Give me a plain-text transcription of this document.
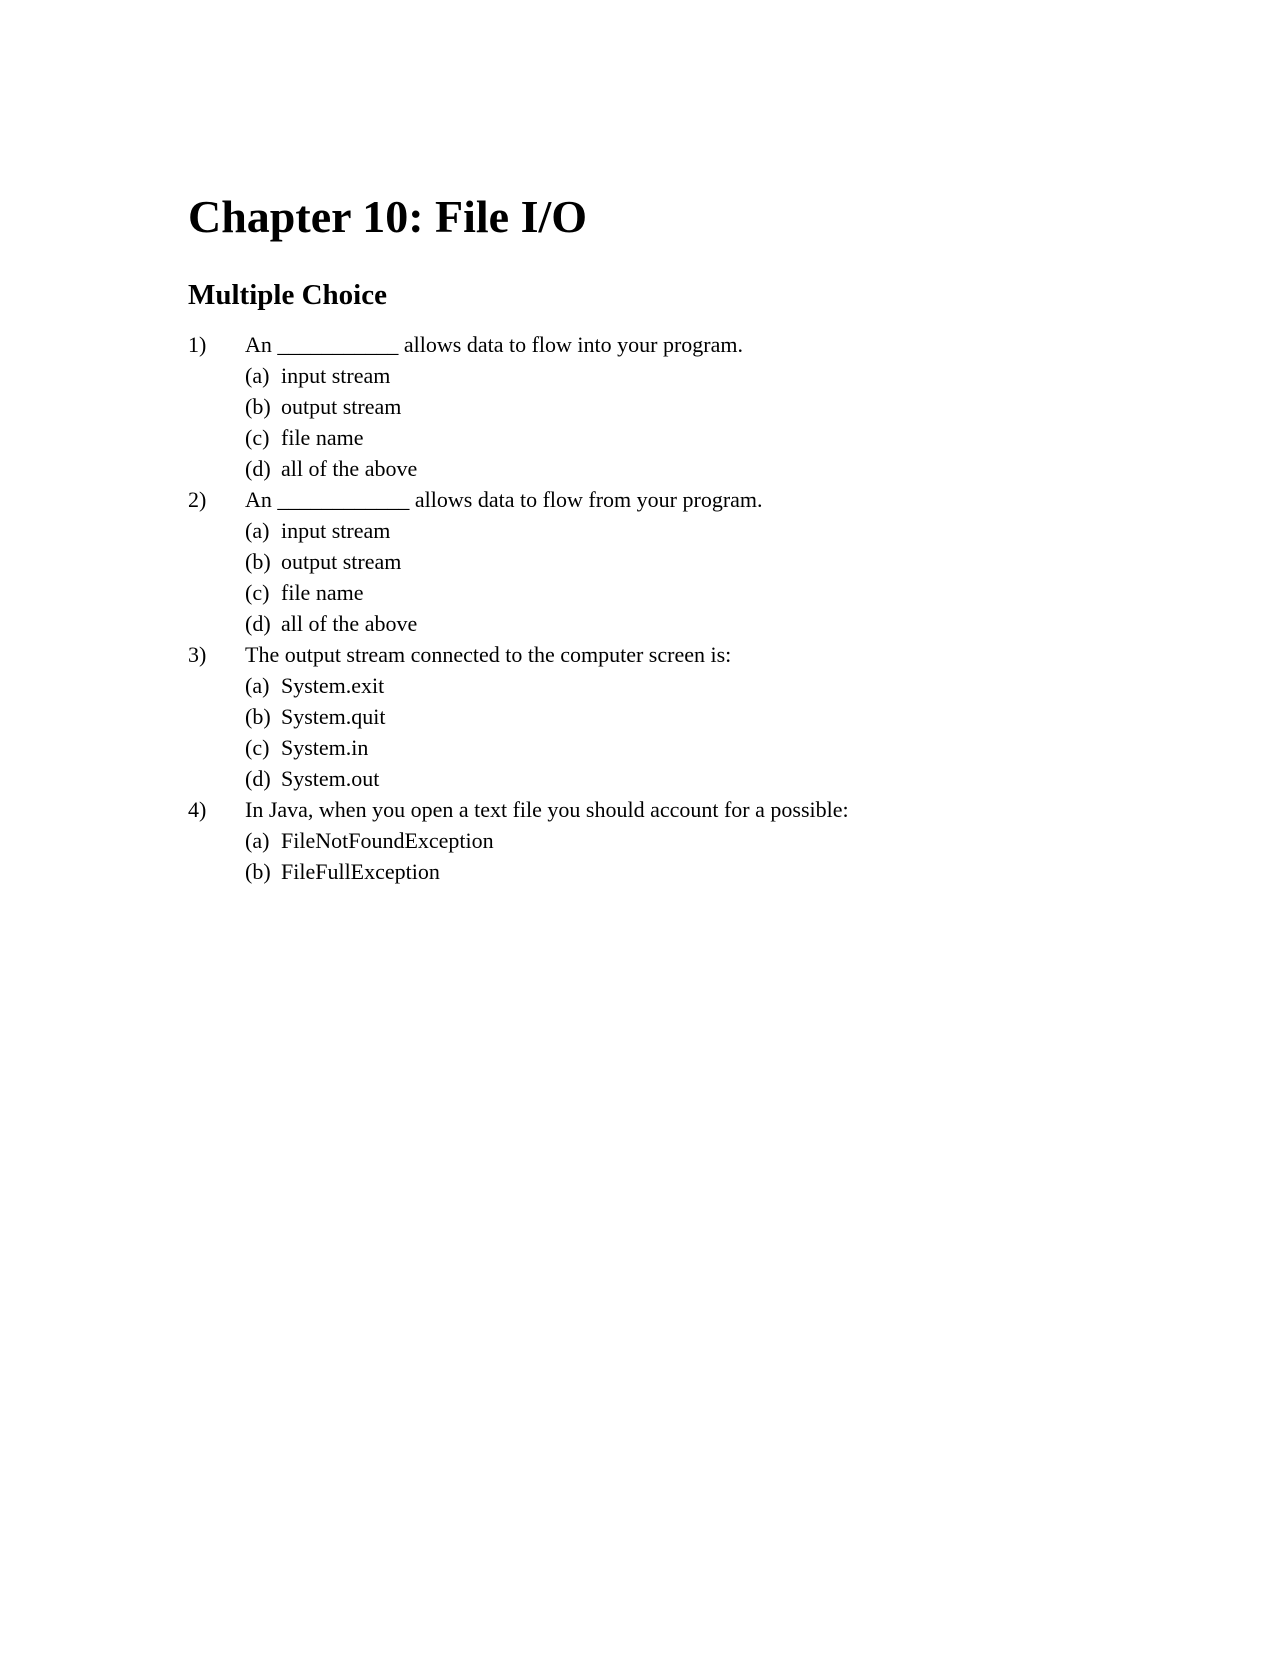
Chapter 10: File I/O
Multiple Choice
1) An ___________ allows data to flow into your program.
(a) input stream
(b) output stream
(c) file name
(d) all of the above
2) An ____________ allows data to flow from your program.
(a) input stream
(b) output stream
(c) file name
(d) all of the above
3) The output stream connected to the computer screen is:
(a) System.exit
(b) System.quit
(c) System.in
(d) System.out
4) In Java, when you open a text file you should account for a possible:
(a) FileNotFoundException
(b) FileFullException
